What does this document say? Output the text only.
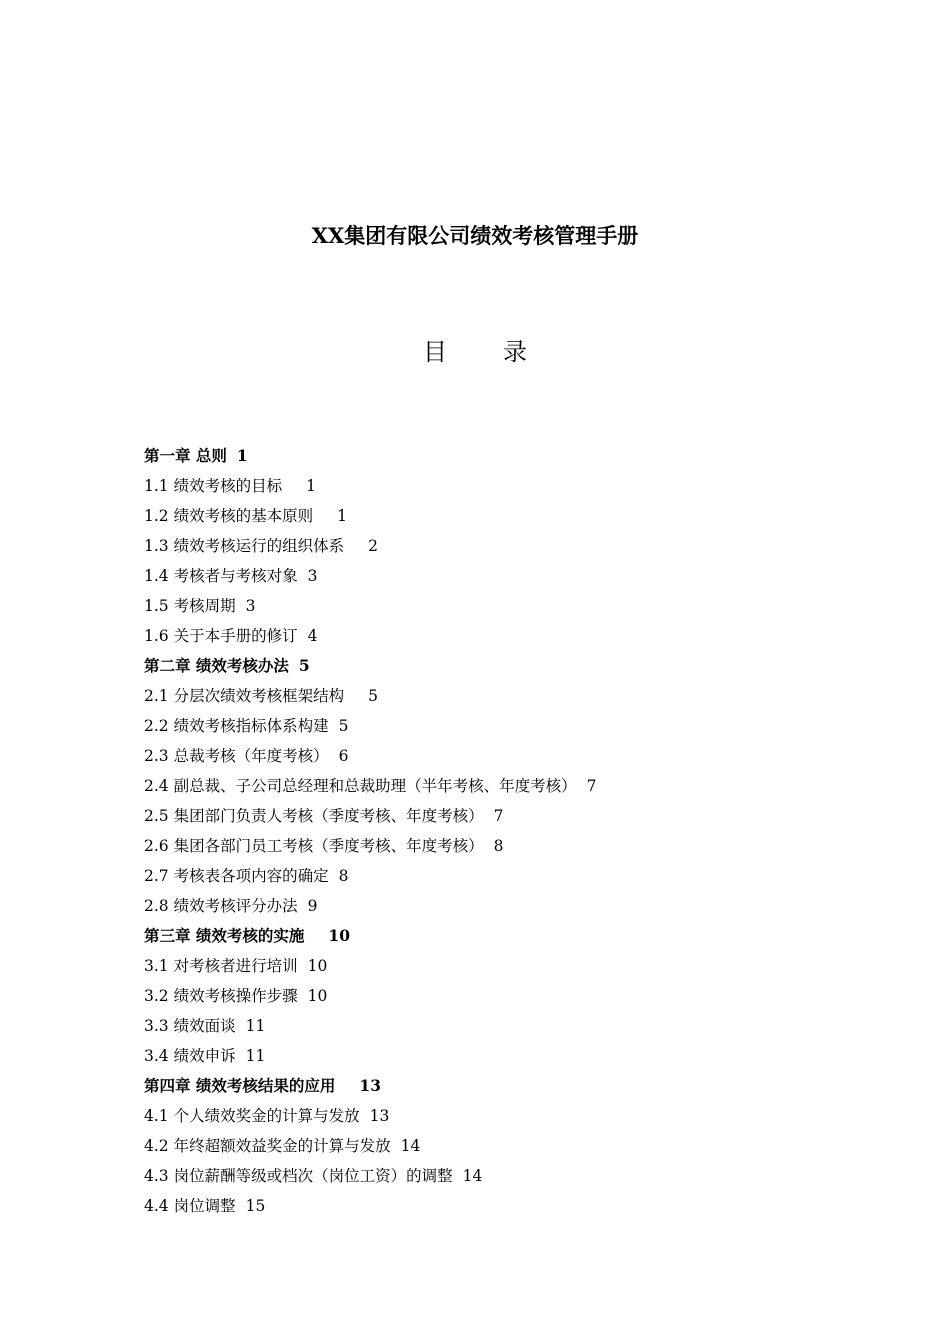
XX集团有限公司绩效考核管理手册
目 录
第一章 总则 1
1.1 绩效考核的目标 1
1.2 绩效考核的基本原则 1
1.3 绩效考核运行的组织体系 2
1.4 考核者与考核对象 3
1.5 考核周期 3
1.6 关于本手册的修订 4
第二章 绩效考核办法 5
2.1 分层次绩效考核框架结构 5
2.2 绩效考核指标体系构建 5
2.3 总裁考核（年度考核） 6
2.4 副总裁、子公司总经理和总裁助理（半年考核、年度考核） 7
2.5 集团部门负责人考核（季度考核、年度考核） 7
2.6 集团各部门员工考核（季度考核、年度考核） 8
2.7 考核表各项内容的确定 8
2.8 绩效考核评分办法 9
第三章 绩效考核的实施 10
3.1 对考核者进行培训 10
3.2 绩效考核操作步骤 10
3.3 绩效面谈 11
3.4 绩效申诉 11
第四章 绩效考核结果的应用 13
4.1 个人绩效奖金的计算与发放 13
4.2 年终超额效益奖金的计算与发放 14
4.3 岗位薪酬等级或档次（岗位工资）的调整 14
4.4 岗位调整 15
